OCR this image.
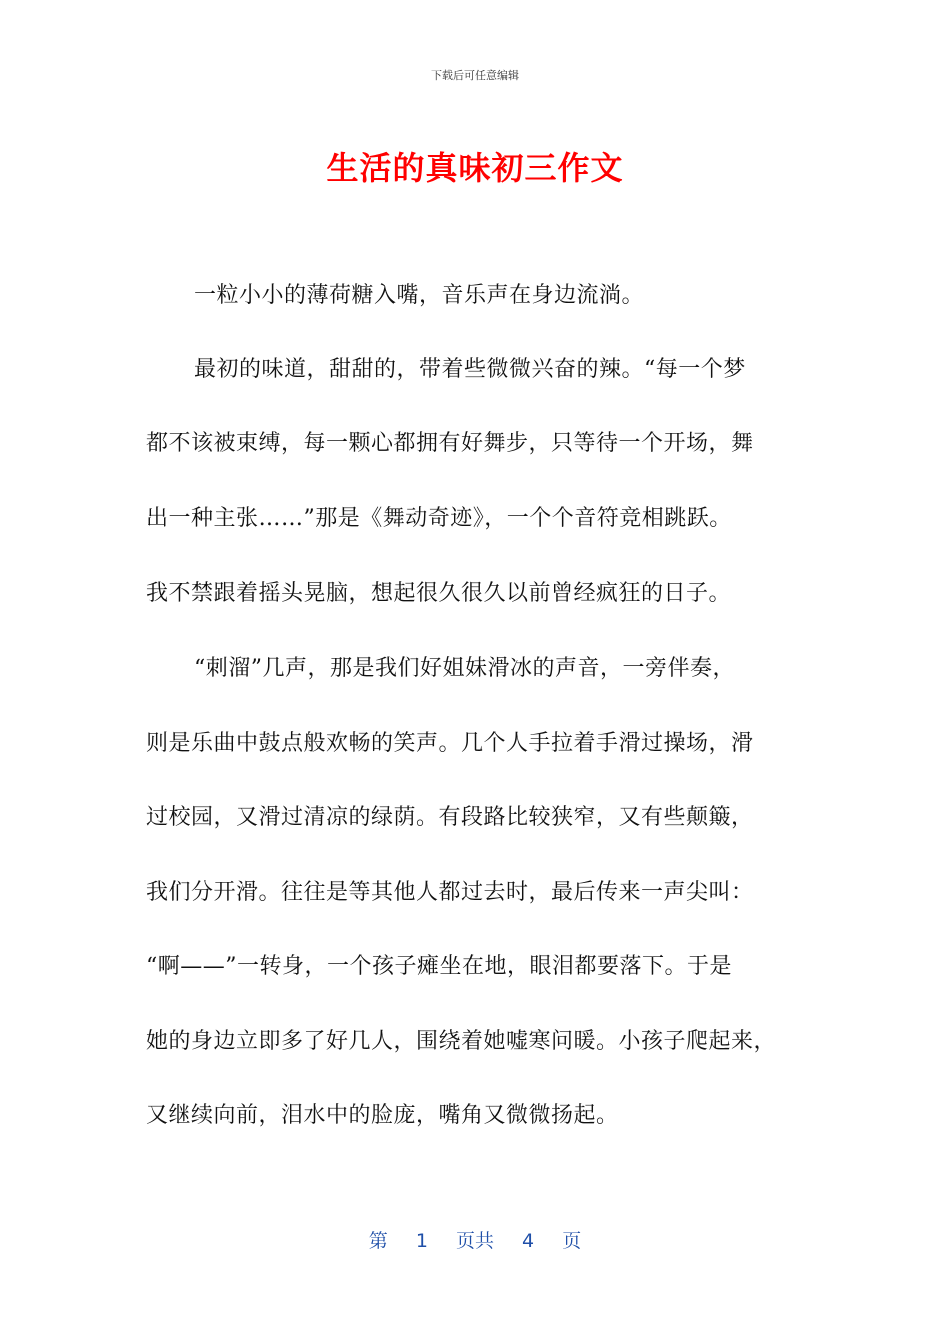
下载后可任意编辑
生活的真味初三作文
一粒小小的薄荷糖入嘴，音乐声在身边流淌。
最初的味道，甜甜的，带着些微微兴奋的辣。“每一个梦
都不该被束缚，每一颗心都拥有好舞步，只等待一个开场，舞
出一种主张……”那是《舞动奇迹》，一个个音符竞相跳跃。
我不禁跟着摇头晃脑，想起很久很久以前曾经疯狂的日子。
“刺溜”几声，那是我们好姐妹滑冰的声音，一旁伴奏，
则是乐曲中鼓点般欢畅的笑声。几个人手拉着手滑过操场，滑
过校园，又滑过清凉的绿荫。有段路比较狭窄，又有些颠簸，
我们分开滑。往往是等其他人都过去时，最后传来一声尖叫：
“啊——”一转身，一个孩子瘫坐在地，眼泪都要落下。于是
她的身边立即多了好几人，围绕着她嘘寒问暖。小孩子爬起来，
又继续向前，泪水中的脸庞，嘴角又微微扬起。
第 1 页共 4 页
